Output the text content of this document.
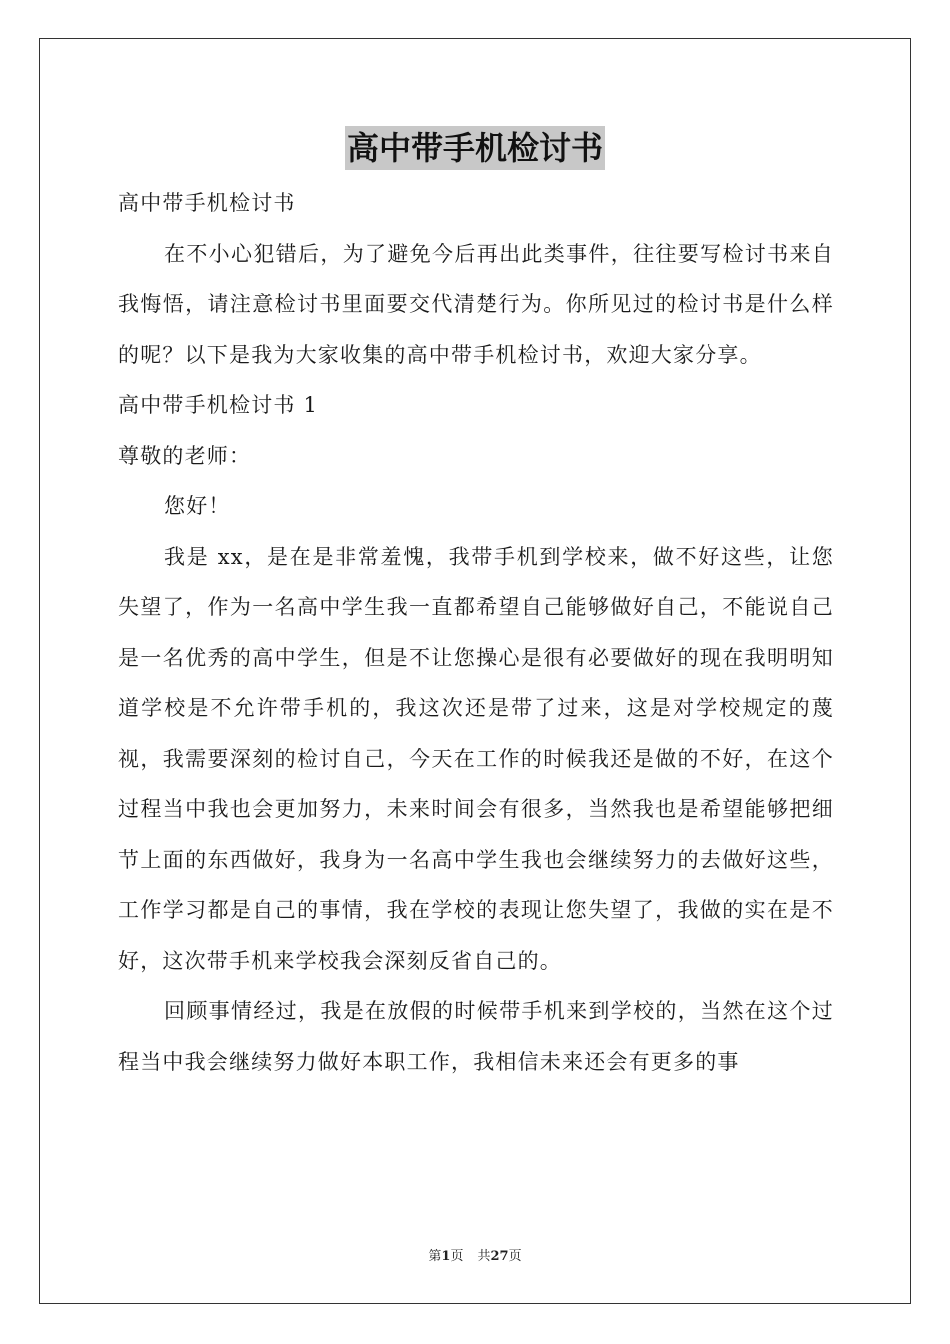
高中带手机检讨书

高中带手机检讨书

在不小心犯错后，为了避免今后再出此类事件，往往要写检讨书来自我悔悟，请注意检讨书里面要交代清楚行为。你所见过的检讨书是什么样的呢？以下是我为大家收集的高中带手机检讨书，欢迎大家分享。

高中带手机检讨书 1

尊敬的老师：

您好！

我是 xx，是在是非常羞愧，我带手机到学校来，做不好这些，让您失望了，作为一名高中学生我一直都希望自己能够做好自己，不能说自己是一名优秀的高中学生，但是不让您操心是很有必要做好的现在我明明知道学校是不允许带手机的，我这次还是带了过来，这是对学校规定的蔑视，我需要深刻的检讨自己，今天在工作的时候我还是做的不好，在这个过程当中我也会更加努力，未来时间会有很多，当然我也是希望能够把细节上面的东西做好，我身为一名高中学生我也会继续努力的去做好这些，工作学习都是自己的事情，我在学校的表现让您失望了，我做的实在是不好，这次带手机来学校我会深刻反省自己的。

回顾事情经过，我是在放假的时候带手机来到学校的，当然在这个过程当中我会继续努力做好本职工作，我相信未来还会有更多的事

第1页 共27页
